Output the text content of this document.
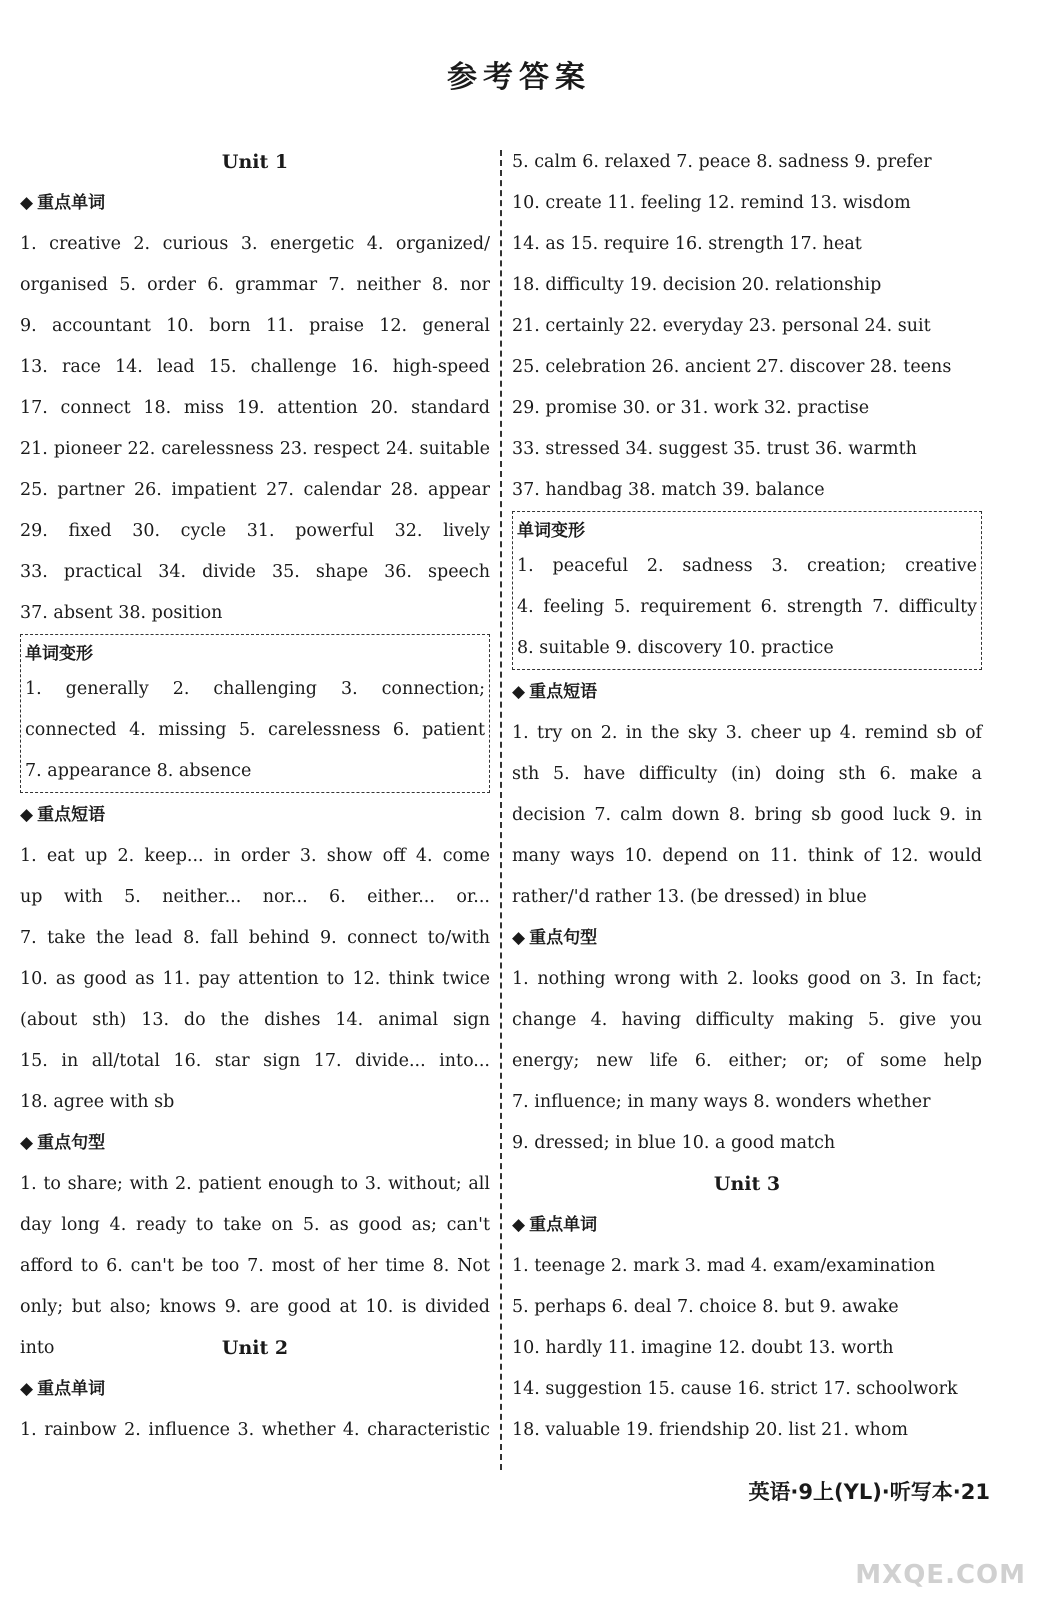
参考答案
Unit 1
◆ 重点单词
1. creative 2. curious 3. energetic 4. organized/
organised 5. order 6. grammar 7. neither 8. nor
9. accountant 10. born 11. praise 12. general
13. race 14. lead 15. challenge 16. high-speed
17. connect 18. miss 19. attention 20. standard
21. pioneer 22. carelessness 23. respect 24. suitable
25. partner 26. impatient 27. calendar 28. appear
29. fixed 30. cycle 31. powerful 32. lively
33. practical 34. divide 35. shape 36. speech
37. absent 38. position
单词变形
1. generally 2. challenging 3. connection;
connected 4. missing 5. carelessness 6. patient
7. appearance 8. absence
◆ 重点短语
1. eat up 2. keep... in order 3. show off 4. come
up with 5. neither... nor... 6. either... or...
7. take the lead 8. fall behind 9. connect to/with
10. as good as 11. pay attention to 12. think twice
(about sth) 13. do the dishes 14. animal sign
15. in all/total 16. star sign 17. divide... into...
18. agree with sb
◆ 重点句型
1. to share; with 2. patient enough to 3. without; all
day long 4. ready to take on 5. as good as; can't
afford to 6. can't be too 7. most of her time 8. Not
only; but also; knows 9. are good at 10. is divided into	Unit 2
◆ 重点单词
1. rainbow 2. influence 3. whether 4. characteristic
5. calm 6. relaxed 7. peace 8. sadness 9. prefer
10. create 11. feeling 12. remind 13. wisdom
14. as 15. require 16. strength 17. heat
18. difficulty 19. decision 20. relationship
21. certainly 22. everyday 23. personal 24. suit
25. celebration 26. ancient 27. discover 28. teens
29. promise 30. or 31. work 32. practise
33. stressed 34. suggest 35. trust 36. warmth
37. handbag 38. match 39. balance
单词变形
1. peaceful 2. sadness 3. creation; creative
4. feeling 5. requirement 6. strength 7. difficulty
8. suitable 9. discovery 10. practice
◆ 重点短语
1. try on 2. in the sky 3. cheer up 4. remind sb of
sth 5. have difficulty (in) doing sth 6. make a
decision 7. calm down 8. bring sb good luck 9. in
many ways 10. depend on 11. think of 12. would
rather/'d rather 13. (be dressed) in blue
◆ 重点句型
1. nothing wrong with 2. looks good on 3. In fact;
change 4. having difficulty making 5. give you
energy; new life 6. either; or; of some help
7. influence; in many ways 8. wonders whether
9. dressed; in blue 10. a good match
Unit 3
◆ 重点单词
1. teenage 2. mark 3. mad 4. exam/examination
5. perhaps 6. deal 7. choice 8. but 9. awake
10. hardly 11. imagine 12. doubt 13. worth
14. suggestion 15. cause 16. strict 17. schoolwork
18. valuable 19. friendship 20. list 21. whom
英语·9上(YL)·听写本·21
MXQE.COM
